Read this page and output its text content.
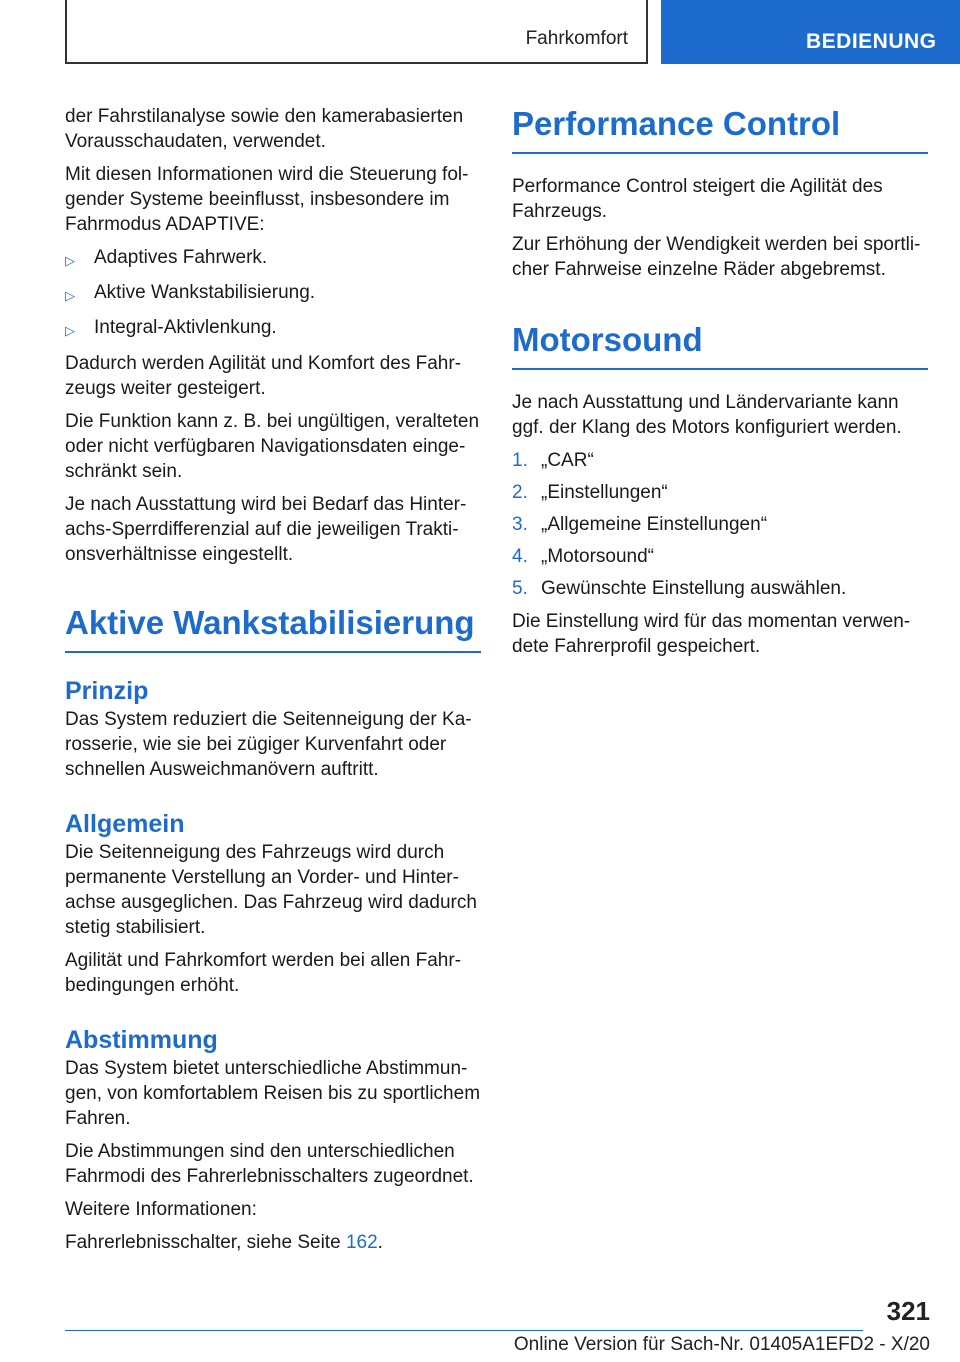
Fahrkomfort	BEDIENUNG

der Fahrstilanalyse sowie den kamerabasierten Vorausschaudaten, verwendet.

Mit diesen Informationen wird die Steuerung folgender Systeme beeinflusst, insbesondere im Fahrmodus ADAPTIVE:

▷	Adaptives Fahrwerk.
▷	Aktive Wankstabilisierung.
▷	Integral-Aktivlenkung.

Dadurch werden Agilität und Komfort des Fahrzeugs weiter gesteigert.

Die Funktion kann z. B. bei ungültigen, veralteten oder nicht verfügbaren Navigationsdaten eingeschränkt sein.

Je nach Ausstattung wird bei Bedarf das Hinterachs-Sperrdifferenzial auf die jeweiligen Traktionsverhältnisse eingestellt.

Aktive Wankstabilisierung
Prinzip

Das System reduziert die Seitenneigung der Karosserie, wie sie bei zügiger Kurvenfahrt oder schnellen Ausweichmanövern auftritt.

Allgemein

Die Seitenneigung des Fahrzeugs wird durch permanente Verstellung an Vorder- und Hinterachse ausgeglichen. Das Fahrzeug wird dadurch stetig stabilisiert.

Agilität und Fahrkomfort werden bei allen Fahrbedingungen erhöht.

Abstimmung

Das System bietet unterschiedliche Abstimmungen, von komfortablem Reisen bis zu sportlichem Fahren.

Die Abstimmungen sind den unterschiedlichen Fahrmodi des Fahrerlebnisschalters zugeordnet.

Weitere Informationen:

Fahrerlebnisschalter, siehe Seite 162.

Performance Control

Performance Control steigert die Agilität des Fahrzeugs.

Zur Erhöhung der Wendigkeit werden bei sportlicher Fahrweise einzelne Räder abgebremst.

Motorsound

Je nach Ausstattung und Ländervariante kann ggf. der Klang des Motors konfiguriert werden.

1. „CAR“
2. „Einstellungen“
3. „Allgemeine Einstellungen“
4. „Motorsound“
5. Gewünschte Einstellung auswählen.

Die Einstellung wird für das momentan verwendete Fahrerprofil gespeichert.

321
Online Version für Sach-Nr. 01405A1EFD2 - X/20
